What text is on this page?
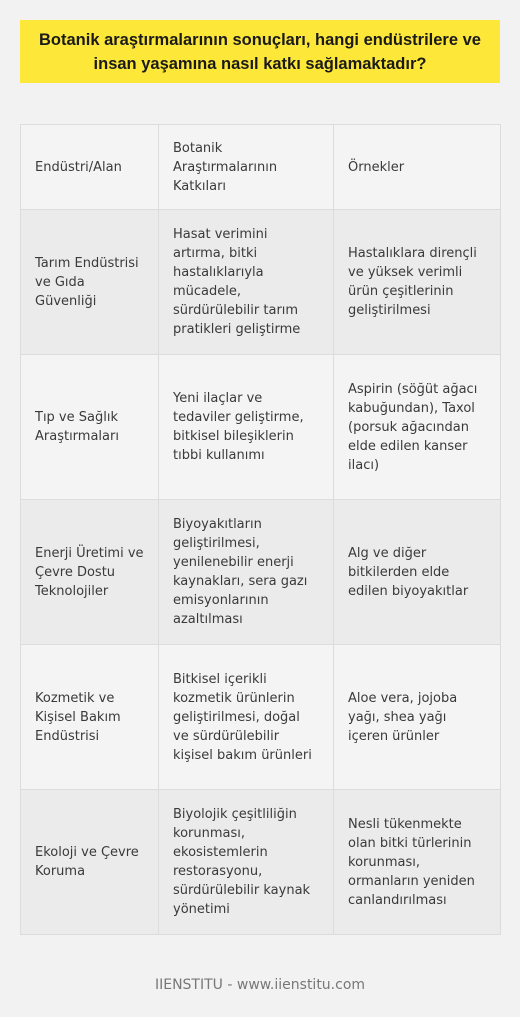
Botanik araştırmalarının sonuçları, hangi endüstrilere ve insan yaşamına nasıl katkı sağlamaktadır?
Endüstri/Alan	Botanik Araştırmalarının Katkıları	Örnekler
Tarım Endüstrisi ve Gıda Güvenliği	Hasat verimini artırma, bitki hastalıklarıyla mücadele, sürdürülebilir tarım pratikleri geliştirme	Hastalıklara dirençli ve yüksek verimli ürün çeşitlerinin geliştirilmesi
Tıp ve Sağlık Araştırmaları	Yeni ilaçlar ve tedaviler geliştirme, bitkisel bileşiklerin tıbbi kullanımı	Aspirin (söğüt ağacı kabuğundan), Taxol (porsuk ağacından elde edilen kanser ilacı)
Enerji Üretimi ve Çevre Dostu Teknolojiler	Biyoyakıtların geliştirilmesi, yenilenebilir enerji kaynakları, sera gazı emisyonlarının azaltılması	Alg ve diğer bitkilerden elde edilen biyoyakıtlar
Kozmetik ve Kişisel Bakım Endüstrisi	Bitkisel içerikli kozmetik ürünlerin geliştirilmesi, doğal ve sürdürülebilir kişisel bakım ürünleri	Aloe vera, jojoba yağı, shea yağı içeren ürünler
Ekoloji ve Çevre Koruma	Biyolojik çeşitliliğin korunması, ekosistemlerin restorasyonu, sürdürülebilir kaynak yönetimi	Nesli tükenmekte olan bitki türlerinin korunması, ormanların yeniden canlandırılması
IIENSTITU - www.iienstitu.com
